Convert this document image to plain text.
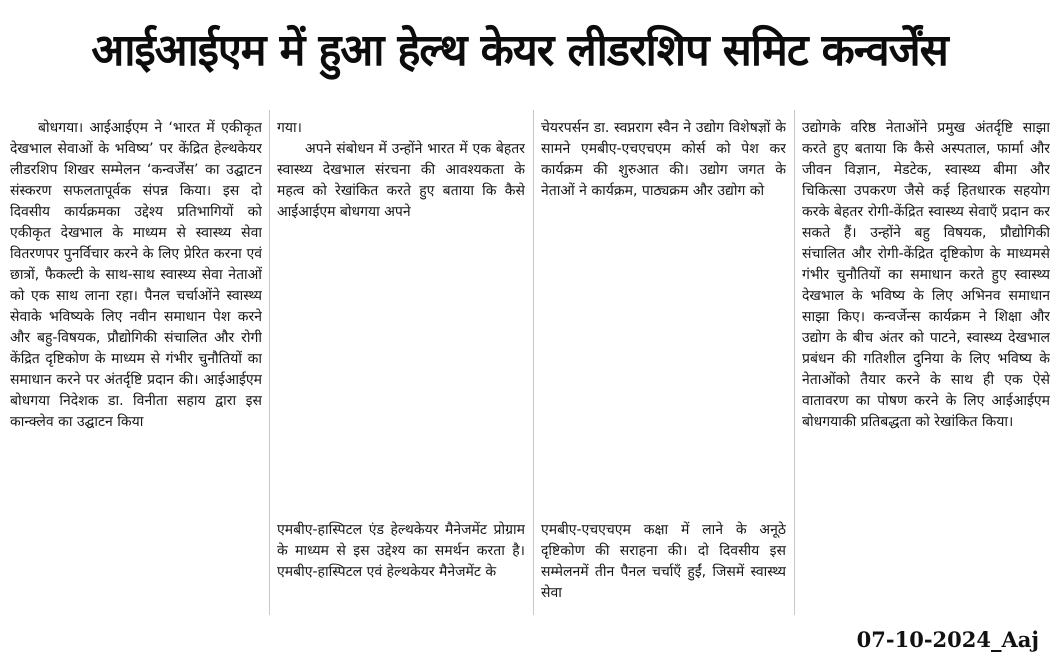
आईआईएम में हुआ हेल्थ केयर लीडरशिप समिट कन्वर्जेंस
बोधगया। आईआईएम ने ‘भारत में एकीकृत देखभाल सेवाओं के भविष्य’ पर केंद्रित हेल्थकेयर लीडरशिप शिखर सम्मेलन ‘कन्वर्जेंस’ का उद्घाटन संस्करण सफलतापूर्वक संपन्न किया। इस दो दिवसीय कार्यक्रमका उद्देश्य प्रतिभागियों को एकीकृत देखभाल के माध्यम से स्वास्थ्य सेवा वितरणपर पुनर्विचार करने के लिए प्रेरित करना एवं छात्रों, फैकल्टी के साथ-साथ स्वास्थ्य सेवा नेताओं को एक साथ लाना रहा। पैनल चर्चाओंने स्वास्थ्य सेवाके भविष्यके लिए नवीन समाधान पेश करने और बहु-विषयक, प्रौद्योगिकी संचालित और रोगी केंद्रित दृष्टिकोण के माध्यम से गंभीर चुनौतियों का समाधान करने पर अंतर्दृष्टि प्रदान की। आईआईएम बोधगया निदेशक डा. विनीता सहाय द्वारा इस कान्क्लेव का उद्घाटन किया
गया।
अपने संबोधन में उन्होंने भारत में एक बेहतर स्वास्थ्य देखभाल संरचना की आवश्यकता के महत्व को रेखांकित करते हुए बताया कि कैसे आईआईएम बोधगया अपने
एमबीए-हास्पिटल एंड हेल्थकेयर मैनेजमेंट प्रोग्राम के माध्यम से इस उद्देश्य का समर्थन करता है। एमबीए-हास्पिटल एवं हेल्थकेयर मैनेजमेंट के
चेयरपर्सन डा. स्वप्नराग स्वैन ने उद्योग विशेषज्ञों के सामने एमबीए-एचएचएम कोर्स को पेश कर कार्यक्रम की शुरुआत की। उद्योग जगत के नेताओं ने कार्यक्रम, पाठ्यक्रम और उद्योग को
एमबीए-एचएचएम कक्षा में लाने के अनूठे दृष्टिकोण की सराहना की। दो दिवसीय इस सम्मेलनमें तीन पैनल चर्चाएँ हुईं, जिसमें स्वास्थ्य सेवा
उद्योगके वरिष्ठ नेताओंने प्रमुख अंतर्दृष्टि साझा करते हुए बताया कि कैसे अस्पताल, फार्मा और जीवन विज्ञान, मेडटेक, स्वास्थ्य बीमा और चिकित्सा उपकरण जैसे कई हितधारक सहयोग करके बेहतर रोगी-केंद्रित स्वास्थ्य सेवाएँ प्रदान कर सकते हैं। उन्होंने बहु विषयक, प्रौद्योगिकी संचालित और रोगी-केंद्रित दृष्टिकोण के माध्यमसे गंभीर चुनौतियों का समाधान करते हुए स्वास्थ्य देखभाल के भविष्य के लिए अभिनव समाधान साझा किए। कन्वर्जेन्स कार्यक्रम ने शिक्षा और उद्योग के बीच अंतर को पाटने, स्वास्थ्य देखभाल प्रबंधन की गतिशील दुनिया के लिए भविष्य के नेताओंको तैयार करने के साथ ही एक ऐसे वातावरण का पोषण करने के लिए आईआईएम बोधगयाकी प्रतिबद्धता को रेखांकित किया।
07-10-2024_Aaj
